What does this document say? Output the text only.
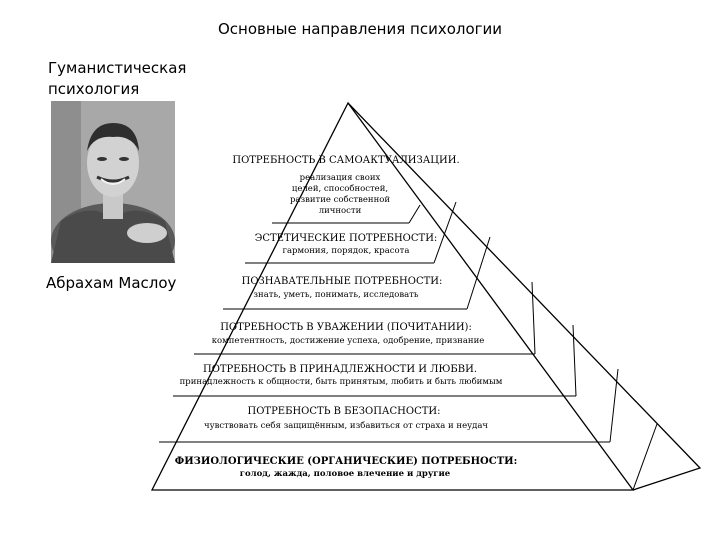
Основные направления психологии
Гуманистическая психология
Абрахам Маслоу
ПОТРЕБНОСТЬ В САМОАКТУАЛИЗАЦИИ.
реализация своих
целей, способностей,
развитие собственной
личности
ЭСТЕТИЧЕСКИЕ ПОТРЕБНОСТИ:
гармония, порядок, красота
ПОЗНАВАТЕЛЬНЫЕ ПОТРЕБНОСТИ:
знать, уметь, понимать, исследовать
ПОТРЕБНОСТЬ В УВАЖЕНИИ (ПОЧИТАНИИ):
компетентность, достижение успеха, одобрение, признание
ПОТРЕБНОСТЬ В ПРИНАДЛЕЖНОСТИ И ЛЮБВИ.
принадлежность к общности, быть принятым, любить и быть любимым
ПОТРЕБНОСТЬ В БЕЗОПАСНОСТИ:
чувствовать себя защищённым, избавиться от страха и неудач
ФИЗИОЛОГИЧЕСКИЕ (ОРГАНИЧЕСКИЕ) ПОТРЕБНОСТИ:
голод, жажда, половое влечение и другие
